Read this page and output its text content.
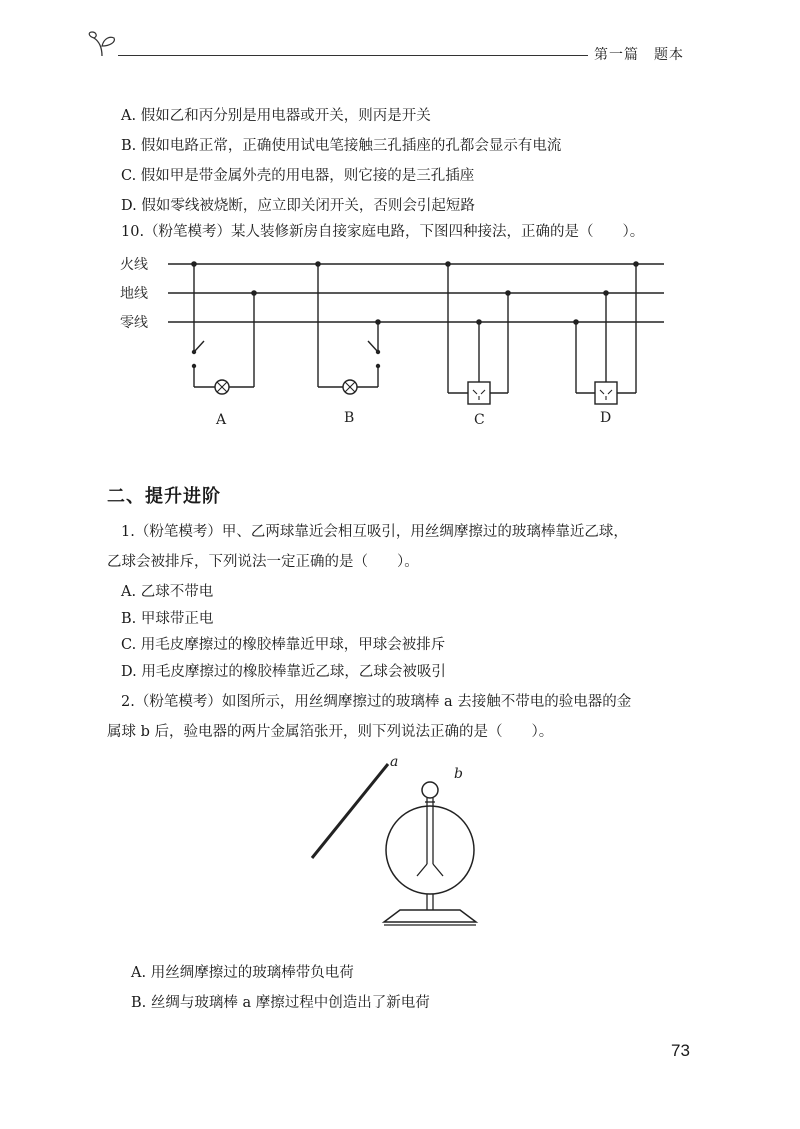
第一篇　题本
A. 假如乙和丙分别是用电器或开关，则丙是开关
B. 假如电路正常，正确使用试电笔接触三孔插座的孔都会显示有电流
C. 假如甲是带金属外壳的用电器，则它接的是三孔插座
D. 假如零线被烧断，应立即关闭开关，否则会引起短路
10.（粉笔模考）某人装修新房自接家庭电路，下图四种接法，正确的是（　　）。
火线
地线
零线
A	B	C	D
二、提升进阶
1.（粉笔模考）甲、乙两球靠近会相互吸引，用丝绸摩擦过的玻璃棒靠近乙球，
乙球会被排斥，下列说法一定正确的是（　　）。
A. 乙球不带电
B. 甲球带正电
C. 用毛皮摩擦过的橡胶棒靠近甲球，甲球会被排斥
D. 用毛皮摩擦过的橡胶棒靠近乙球，乙球会被吸引
2.（粉笔模考）如图所示，用丝绸摩擦过的玻璃棒 a 去接触不带电的验电器的金
属球 b 后，验电器的两片金属箔张开，则下列说法正确的是（　　）。
a
b
A. 用丝绸摩擦过的玻璃棒带负电荷
B. 丝绸与玻璃棒 a 摩擦过程中创造出了新电荷
73
